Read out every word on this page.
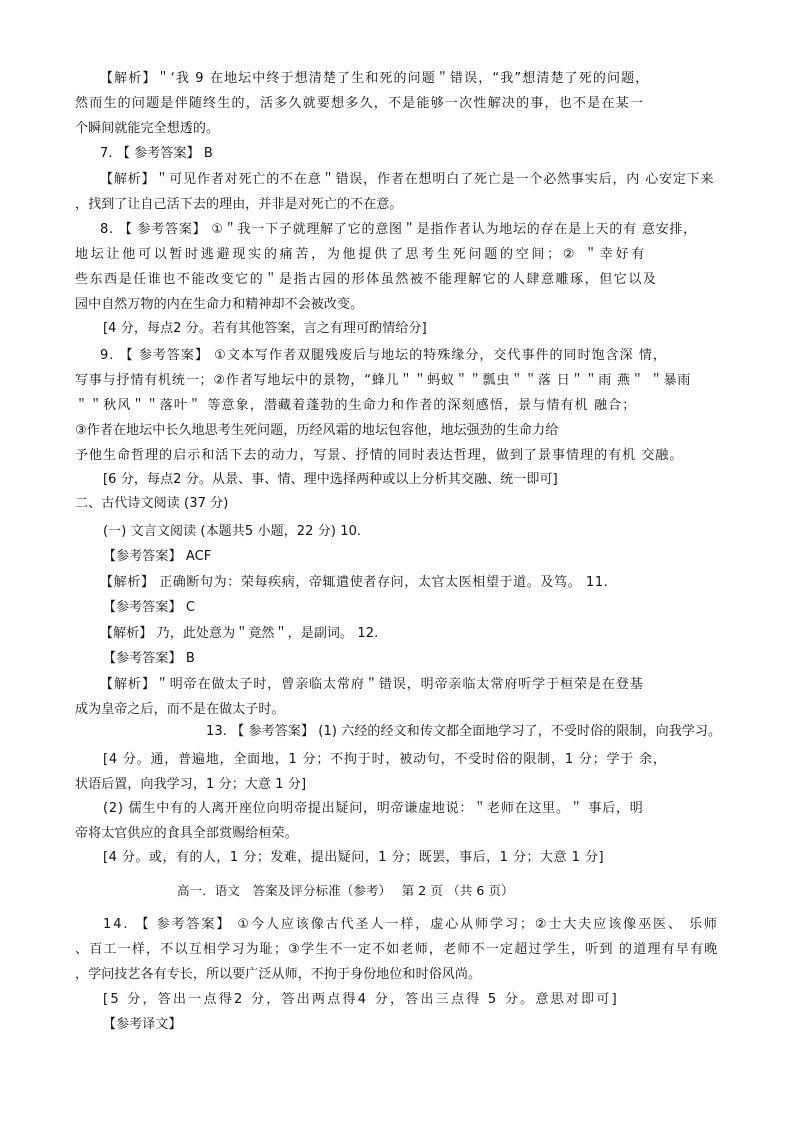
【解析】＂‘我 9 在地坛中终于想清楚了生和死的问题＂错误，“我”想清楚了死的问题，
然而生的问题是伴随终生的，活多久就要想多久，不是能够一次性解决的事，也不是在某一
个瞬间就能完全想透的。
7. 【 参考答案】 B
【解析】＂可见作者对死亡的不在意＂错误，作者在想明白了死亡是一个必然事实后，内 心安定下来
，找到了让自己活下去的理由，并非是对死亡的不在意。
8. 【 参考答案】 ①＂我一下子就理解了它的意图＂是指作者认为地坛的存在是上天的有 意安排，
地坛让他可以暂时逃避现实的痛苦，为他提供了思考生死问题的空间；② ＂幸好有
些东西是任谁也不能改变它的＂是指古园的形体虽然被不能理解它的人肆意雕琢，但它以及
园中自然万物的内在生命力和精神却不会被改变。
[4 分，每点2 分。若有其他答案，言之有理可酌情给分]
9. 【 参考答案】 ①文本写作者双腿残废后与地坛的特殊缘分，交代事件的同时饱含深 情，
写事与抒情有机统一；②作者写地坛中的景物，“蜂儿＂＂蚂蚁＂＂瓢虫＂＂落 日＂＂雨 燕＂ ＂暴雨
＂＂秋风＂＂落叶＂ 等意象，潜藏着蓬勃的生命力和作者的深刻感悟，景与情有机 融合；
③作者在地坛中长久地思考生死问题，历经风霜的地坛包容他，地坛强劲的生命力给
予他生命哲理的启示和活下去的动力，写景、抒情的同时表达哲理，做到了景事情理的有机 交融。
[6 分，每点2 分。从景、事、情、理中选择两种或以上分析其交融、统一即可]
二、古代诗文阅读 (37 分)
(一) 文言文阅读 (本题共5 小题，22 分) 10.
【参考答案】 ACF
【解析】 正确断句为：荣每疾病，帝辄遣使者存问，太官太医相望于道。及笃。 11.
【参考答案】 C
【解析】 乃，此处意为＂竟然＂，是副词。 12.
【参考答案】 B
【解析】＂明帝在做太子时，曾亲临太常府＂错误，明帝亲临太常府听学于桓荣是在登基
成为皇帝之后，而不是在做太子时。
13. 【 参考答案】 (1) 六经的经文和传文都全面地学习了，不受时俗的限制，向我学习。
[4 分。通，普遍地，全面地，1 分；不拘于时，被动句，不受时俗的限制，1 分；学于 余，
状语后置，向我学习，1 分；大意 1 分]
(2) 儒生中有的人离开座位向明帝提出疑问，明帝谦虚地说：＂老师在这里。＂ 事后，明
帝将太官供应的食具全部赏赐给桓荣。
[4 分。或，有的人，1 分；发难，提出疑问，1 分；既罢，事后，1 分；大意 1 分]
高一．语文　答案及评分标准（参考）　 第 2 页 （共 6 页）
14. 【 参考答案】 ①今人应该像古代圣人一样，虚心从师学习；②士大夫应该像巫医、 乐师
、百工一样，不以互相学习为耻；③学生不一定不如老师，老师不一定超过学生，听到 的道理有早有晚
，学问技艺各有专长，所以要广泛从师，不拘于身份地位和时俗风尚。
[5 分，答出一点得2 分，答出两点得4 分，答出三点得 5 分。意思对即可]
【参考译文】
